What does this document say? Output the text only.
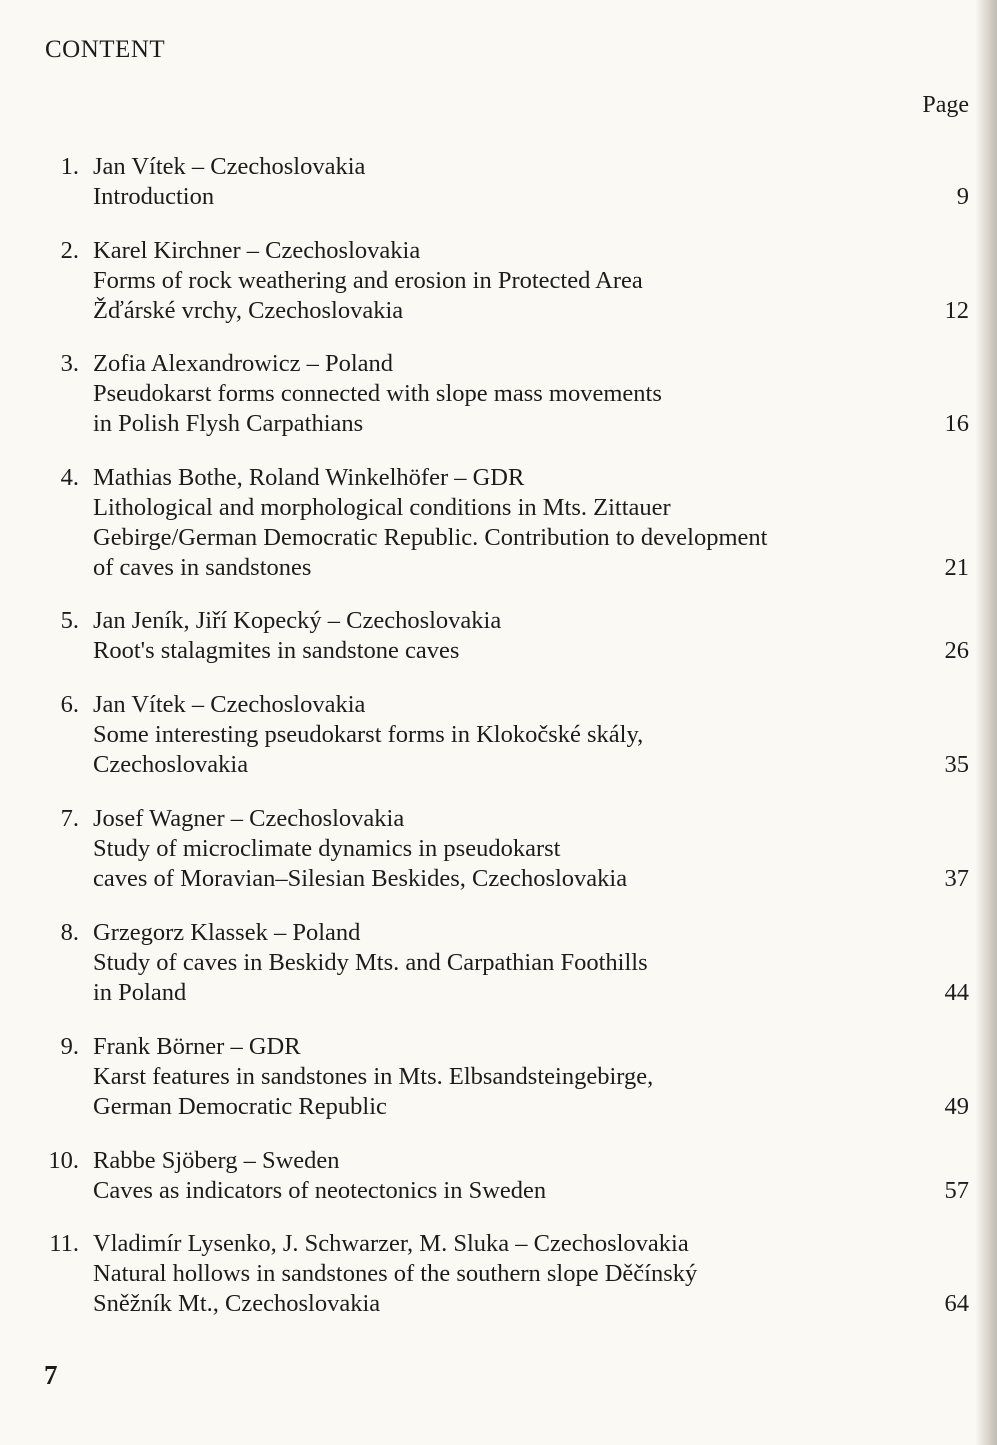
CONTENT
Page
1. Jan Vítek – Czechoslovakia
Introduction	9
2. Karel Kirchner – Czechoslovakia
Forms of rock weathering and erosion in Protected Area
Žďárské vrchy, Czechoslovakia	12
3. Zofia Alexandrowicz – Poland
Pseudokarst forms connected with slope mass movements
in Polish Flysh Carpathians	16
4. Mathias Bothe, Roland Winkelhöfer – GDR
Lithological and morphological conditions in Mts. Zittauer
Gebirge/German Democratic Republic. Contribution to development
of caves in sandstones	21
5. Jan Jeník, Jiří Kopecký – Czechoslovakia
Root's stalagmites in sandstone caves	26
6. Jan Vítek – Czechoslovakia
Some interesting pseudokarst forms in Klokočské skály,
Czechoslovakia	35
7. Josef Wagner – Czechoslovakia
Study of microclimate dynamics in pseudokarst
caves of Moravian–Silesian Beskides, Czechoslovakia	37
8. Grzegorz Klassek – Poland
Study of caves in Beskidy Mts. and Carpathian Foothills
in Poland	44
9. Frank Börner – GDR
Karst features in sandstones in Mts. Elbsandsteingebirge,
German Democratic Republic	49
10. Rabbe Sjöberg – Sweden
Caves as indicators of neotectonics in Sweden	57
11. Vladimír Lysenko, J. Schwarzer, M. Sluka – Czechoslovakia
Natural hollows in sandstones of the southern slope Děčínský
Sněžník Mt., Czechoslovakia	64
7
